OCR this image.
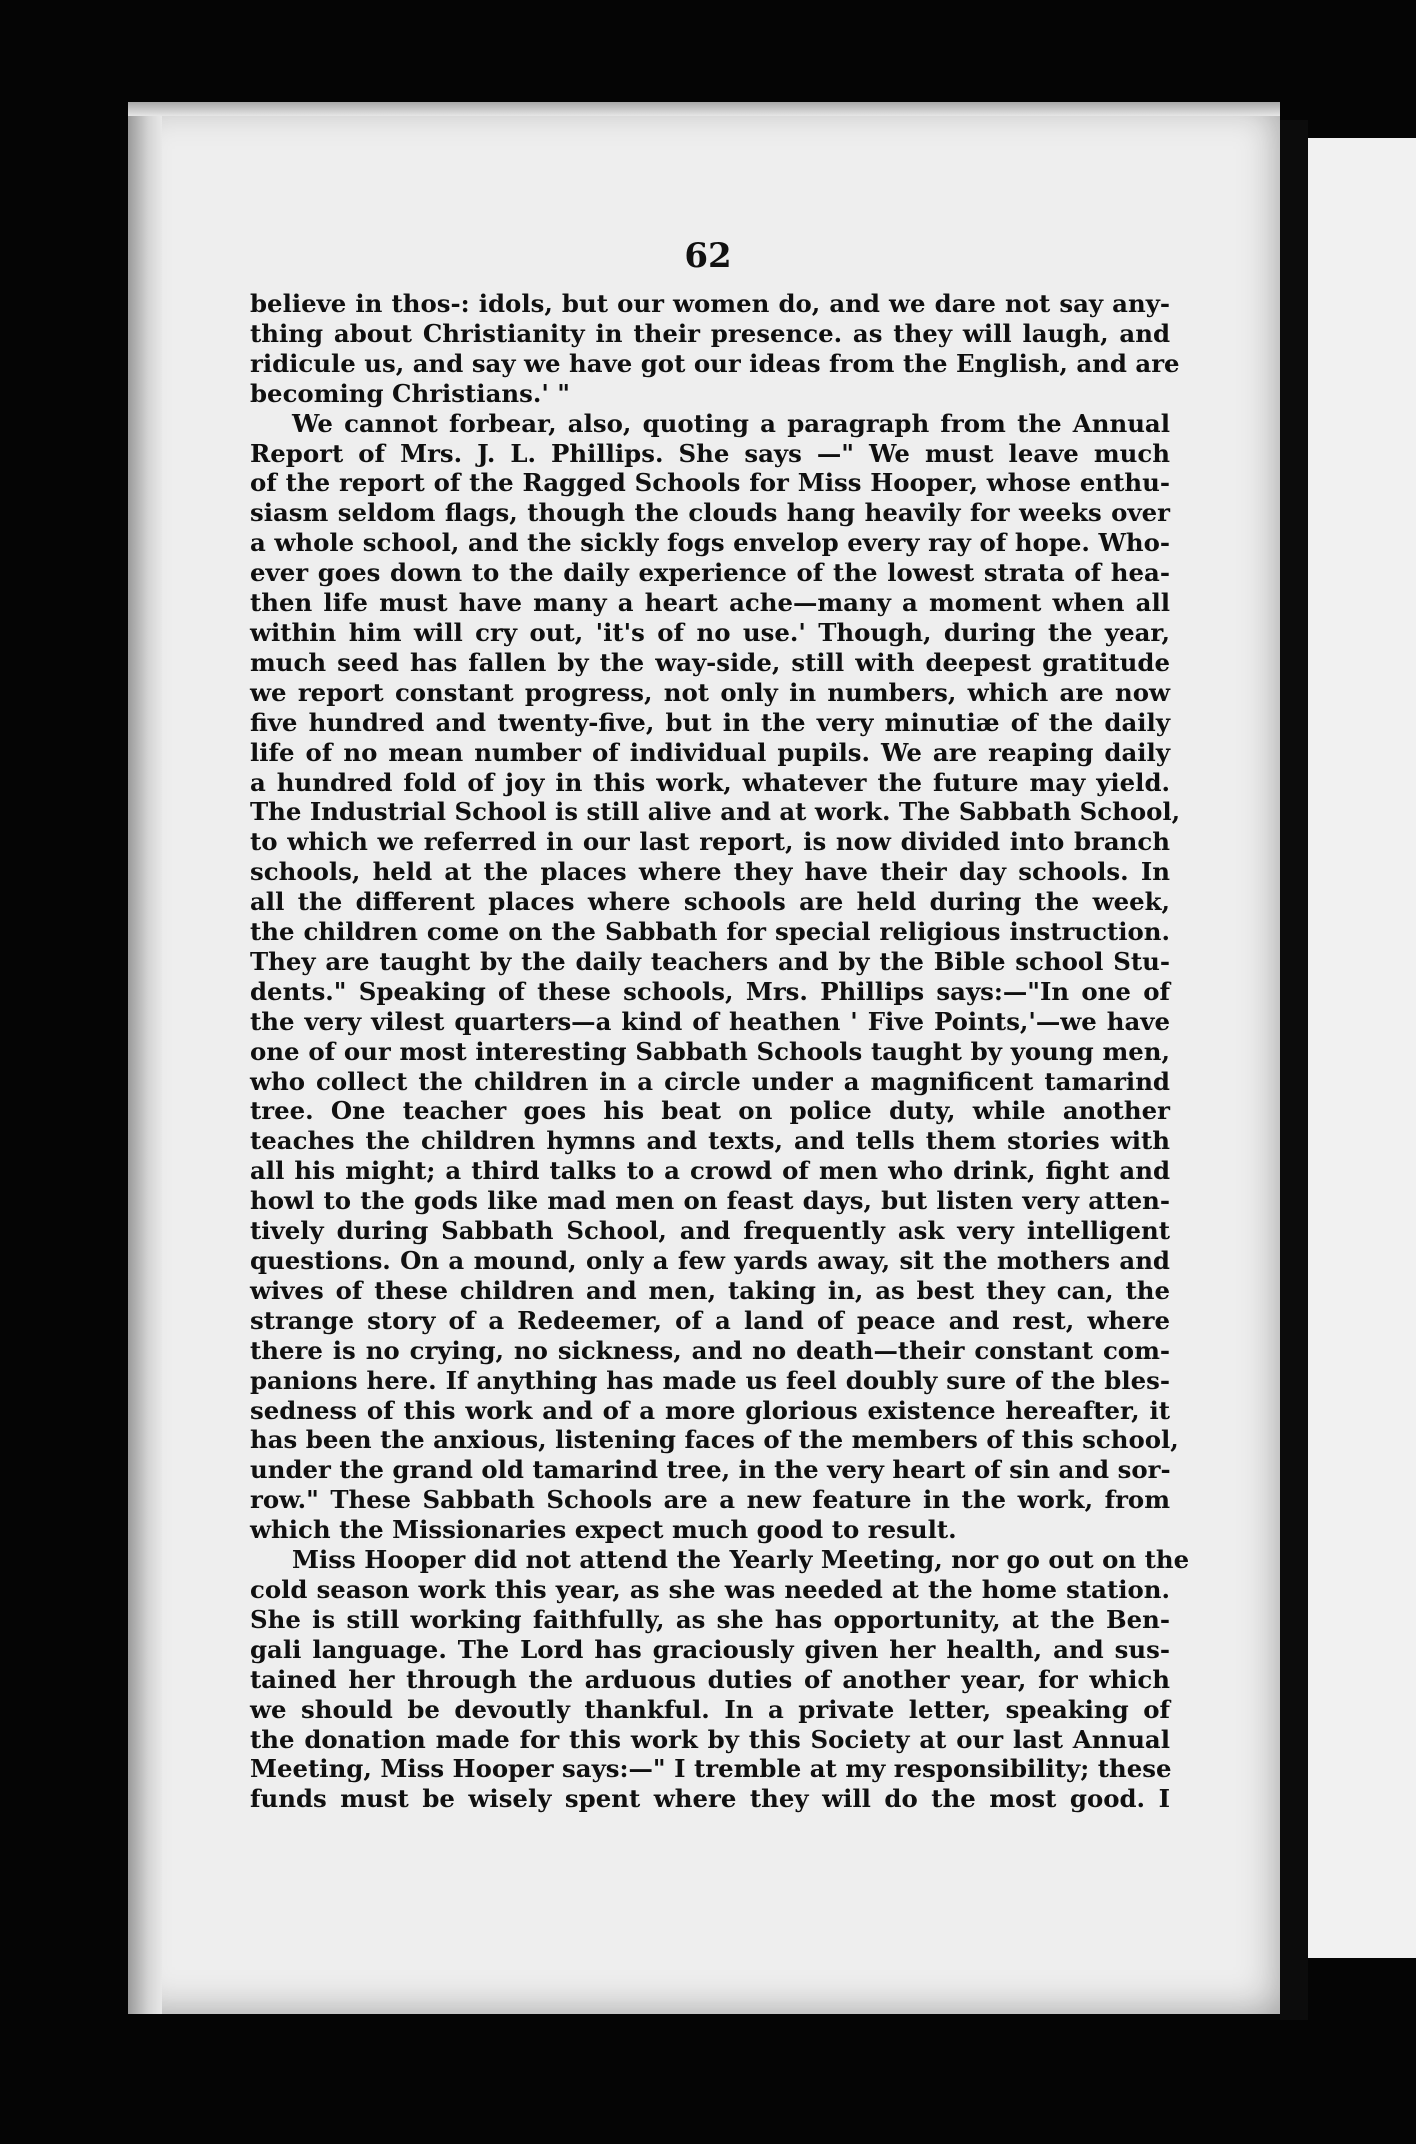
62
believe in thos-: idols, but our women do, and we dare not say any-
thing about Christianity in their presence. as they will laugh, and
ridicule us, and say we have got our ideas from the English, and are
becoming Christians.' "
We cannot forbear, also, quoting a paragraph from the Annual
Report of Mrs. J. L. Phillips. She says —" We must leave much
of the report of the Ragged Schools for Miss Hooper, whose enthu-
siasm seldom flags, though the clouds hang heavily for weeks over
a whole school, and the sickly fogs envelop every ray of hope. Who-
ever goes down to the daily experience of the lowest strata of hea-
then life must have many a heart ache—many a moment when all
within him will cry out, 'it's of no use.' Though, during the year,
much seed has fallen by the way-side, still with deepest gratitude
we report constant progress, not only in numbers, which are now
five hundred and twenty-five, but in the very minutiæ of the daily
life of no mean number of individual pupils. We are reaping daily
a hundred fold of joy in this work, whatever the future may yield.
The Industrial School is still alive and at work. The Sabbath School,
to which we referred in our last report, is now divided into branch
schools, held at the places where they have their day schools. In
all the different places where schools are held during the week,
the children come on the Sabbath for special religious instruction.
They are taught by the daily teachers and by the Bible school Stu-
dents." Speaking of these schools, Mrs. Phillips says:—"In one of
the very vilest quarters—a kind of heathen ' Five Points,'—we have
one of our most interesting Sabbath Schools taught by young men,
who collect the children in a circle under a magnificent tamarind
tree. One teacher goes his beat on police duty, while another
teaches the children hymns and texts, and tells them stories with
all his might; a third talks to a crowd of men who drink, fight and
howl to the gods like mad men on feast days, but listen very atten-
tively during Sabbath School, and frequently ask very intelligent
questions. On a mound, only a few yards away, sit the mothers and
wives of these children and men, taking in, as best they can, the
strange story of a Redeemer, of a land of peace and rest, where
there is no crying, no sickness, and no death—their constant com-
panions here. If anything has made us feel doubly sure of the bles-
sedness of this work and of a more glorious existence hereafter, it
has been the anxious, listening faces of the members of this school,
under the grand old tamarind tree, in the very heart of sin and sor-
row." These Sabbath Schools are a new feature in the work, from
which the Missionaries expect much good to result.
Miss Hooper did not attend the Yearly Meeting, nor go out on the
cold season work this year, as she was needed at the home station.
She is still working faithfully, as she has opportunity, at the Ben-
gali language. The Lord has graciously given her health, and sus-
tained her through the arduous duties of another year, for which
we should be devoutly thankful. In a private letter, speaking of
the donation made for this work by this Society at our last Annual
Meeting, Miss Hooper says:—" I tremble at my responsibility; these
funds must be wisely spent where they will do the most good. I
